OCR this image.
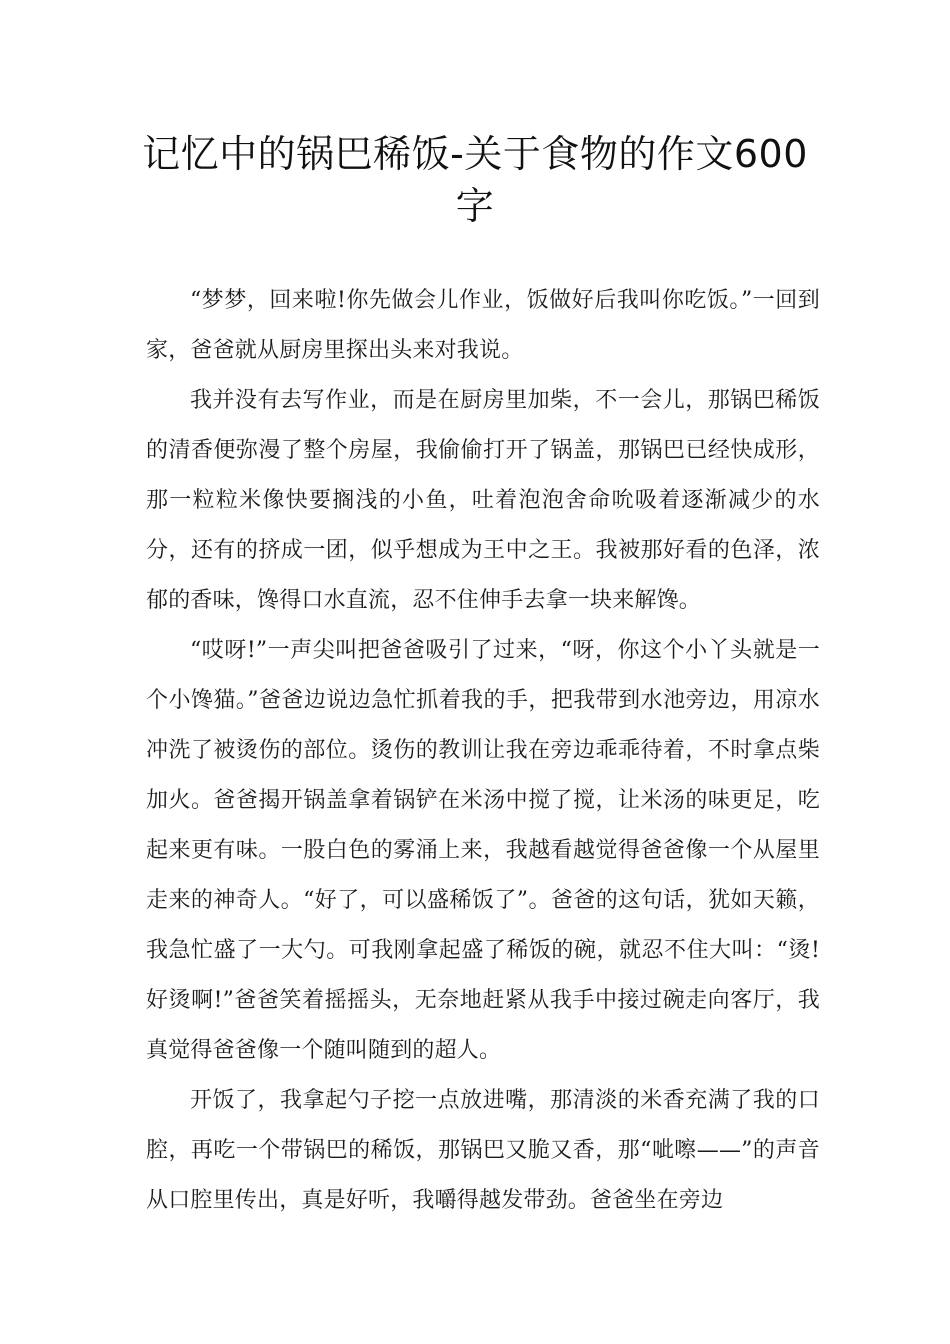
记忆中的锅巴稀饭-关于食物的作文600字

“梦梦，回来啦!你先做会儿作业，饭做好后我叫你吃饭。”一回到家，爸爸就从厨房里探出头来对我说。

我并没有去写作业，而是在厨房里加柴，不一会儿，那锅巴稀饭的清香便弥漫了整个房屋，我偷偷打开了锅盖，那锅巴已经快成形，那一粒粒米像快要搁浅的小鱼，吐着泡泡舍命吮吸着逐渐减少的水分，还有的挤成一团，似乎想成为王中之王。我被那好看的色泽，浓郁的香味，馋得口水直流，忍不住伸手去拿一块来解馋。

“哎呀!”一声尖叫把爸爸吸引了过来，“呀，你这个小丫头就是一个小馋猫。”爸爸边说边急忙抓着我的手，把我带到水池旁边，用凉水冲洗了被烫伤的部位。烫伤的教训让我在旁边乖乖待着，不时拿点柴加火。爸爸揭开锅盖拿着锅铲在米汤中搅了搅，让米汤的味更足，吃起来更有味。一股白色的雾涌上来，我越看越觉得爸爸像一个从屋里走来的神奇人。“好了，可以盛稀饭了”。爸爸的这句话，犹如天籁，我急忙盛了一大勺。可我刚拿起盛了稀饭的碗，就忍不住大叫：“烫!好烫啊!”爸爸笑着摇摇头，无奈地赶紧从我手中接过碗走向客厅，我真觉得爸爸像一个随叫随到的超人。

开饭了，我拿起勺子挖一点放进嘴，那清淡的米香充满了我的口腔，再吃一个带锅巴的稀饭，那锅巴又脆又香，那“呲嚓——”的声音从口腔里传出，真是好听，我嚼得越发带劲。爸爸坐在旁边
